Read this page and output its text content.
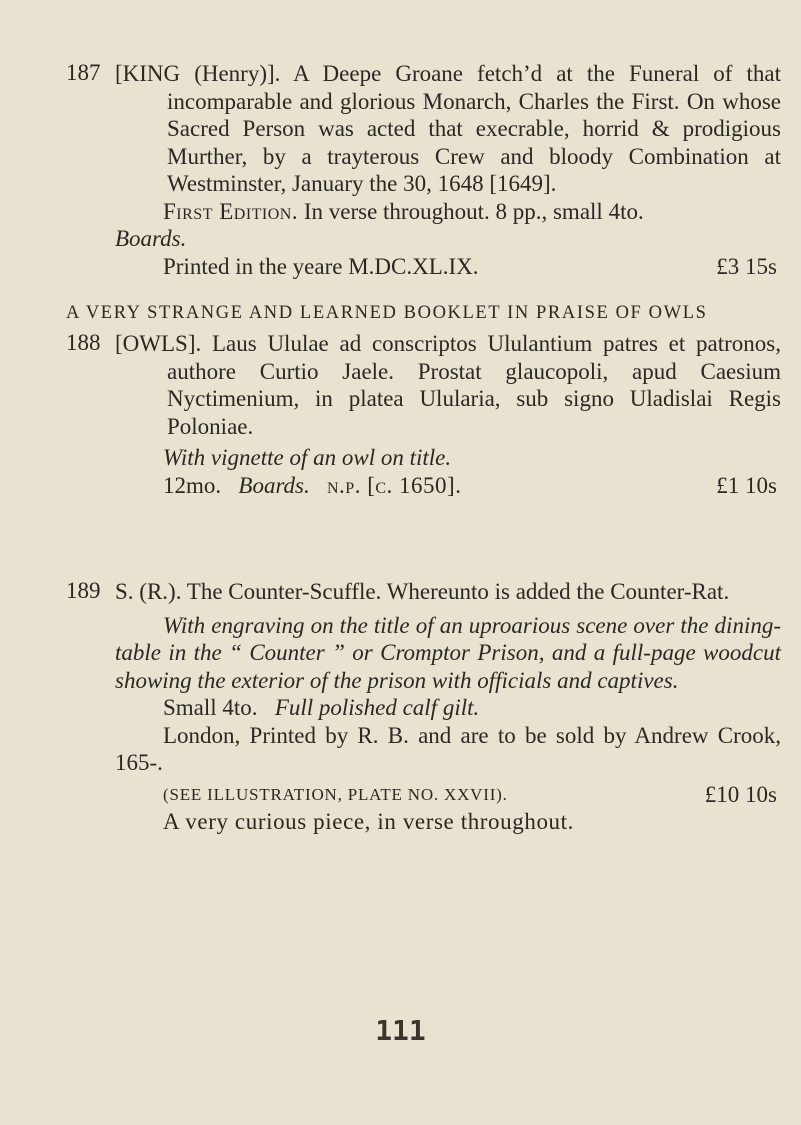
187 [KING (Henry)]. A Deepe Groane fetch’d at the Funeral of that incomparable and glorious Monarch, Charles the First. On whose Sacred Person was acted that execrable, horrid & prodigious Murther, by a trayterous Crew and bloody Combination at Westminster, January the 30, 1648 [1649].

First Edition. In verse throughout. 8 pp., small 4to.

Boards.

Printed in the yeare M.DC.XL.IX.	£3 15s
A VERY STRANGE AND LEARNED BOOKLET IN PRAISE OF OWLS
188 [OWLS]. Laus Ululae ad conscriptos Ululantium patres et patronos, authore Curtio Jaele. Prostat glaucopoli, apud Caesium Nyctimenium, in platea Ulularia, sub signo Uladislai Regis Poloniae.

With vignette of an owl on title.

12mo. Boards. n.p. [c. 1650].	£1 10s
189 S. (R.). The Counter-Scuffle. Whereunto is added the Counter-Rat.

With engraving on the title of an uproarious scene over the dining-table in the “ Counter ” or Cromptor Prison, and a full-page woodcut showing the exterior of the prison with officials and captives.

Small 4to. Full polished calf gilt.

London, Printed by R. B. and are to be sold by Andrew Crook, 165-.

(SEE ILLUSTRATION, PLATE NO. XXVII).	£10 10s

A very curious piece, in verse throughout.

111
